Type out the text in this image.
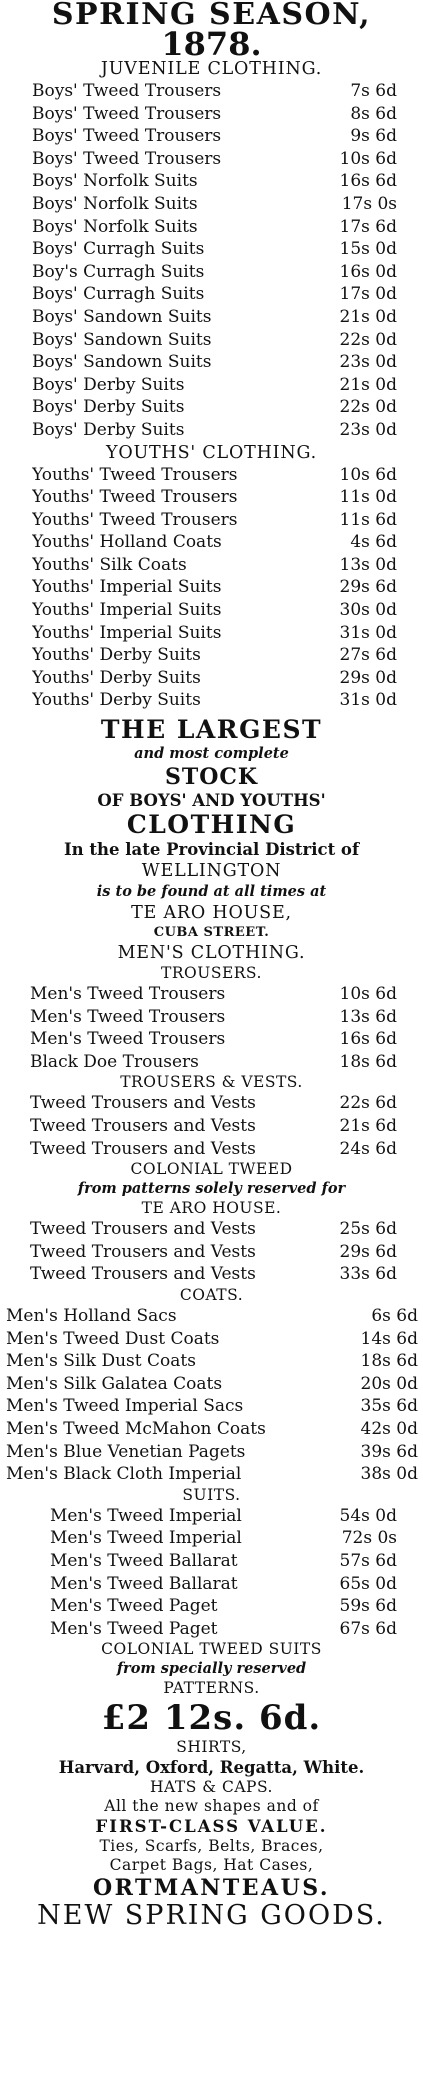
SPRING SEASON,
1878.
JUVENILE CLOTHING.
Boys' Tweed Trousers	7s 6d
Boys' Tweed Trousers	8s 6d
Boys' Tweed Trousers	9s 6d
Boys' Tweed Trousers	10s 6d
Boys' Norfolk Suits	16s 6d
Boys' Norfolk Suits	17s 0s
Boys' Norfolk Suits	17s 6d
Boys' Curragh Suits	15s 0d
Boy's Curragh Suits	16s 0d
Boys' Curragh Suits	17s 0d
Boys' Sandown Suits	21s 0d
Boys' Sandown Suits	22s 0d
Boys' Sandown Suits	23s 0d
Boys' Derby Suits	21s 0d
Boys' Derby Suits	22s 0d
Boys' Derby Suits	23s 0d
YOUTHS' CLOTHING.
Youths' Tweed Trousers	10s 6d
Youths' Tweed Trousers	11s 0d
Youths' Tweed Trousers	11s 6d
Youths' Holland Coats	4s 6d
Youths' Silk Coats	13s 0d
Youths' Imperial Suits	29s 6d
Youths' Imperial Suits	30s 0d
Youths' Imperial Suits	31s 0d
Youths' Derby Suits	27s 6d
Youths' Derby Suits	29s 0d
Youths' Derby Suits	31s 0d
THE LARGEST
and most complete
STOCK
OF BOYS' AND YOUTHS'
CLOTHING
In the late Provincial District of
WELLINGTON
is to be found at all times at
TE ARO HOUSE,
CUBA STREET.
MEN'S CLOTHING.
TROUSERS.
Men's Tweed Trousers	10s 6d
Men's Tweed Trousers	13s 6d
Men's Tweed Trousers	16s 6d
Black Doe Trousers	18s 6d
TROUSERS & VESTS.
Tweed Trousers and Vests	22s 6d
Tweed Trousers and Vests	21s 6d
Tweed Trousers and Vests	24s 6d
COLONIAL TWEED
from patterns solely reserved for
TE ARO HOUSE.
Tweed Trousers and Vests	25s 6d
Tweed Trousers and Vests	29s 6d
Tweed Trousers and Vests	33s 6d
COATS.
Men's Holland Sacs	6s 6d
Men's Tweed Dust Coats	14s 6d
Men's Silk Dust Coats	18s 6d
Men's Silk Galatea Coats	20s 0d
Men's Tweed Imperial Sacs	35s 6d
Men's Tweed McMahon Coats	42s 0d
Men's Blue Venetian Pagets	39s 6d
Men's Black Cloth Imperial	38s 0d
SUITS.
Men's Tweed Imperial	54s 0d
Men's Tweed Imperial	72s 0s
Men's Tweed Ballarat	57s 6d
Men's Tweed Ballarat	65s 0d
Men's Tweed Paget	59s 6d
Men's Tweed Paget	67s 6d
COLONIAL TWEED SUITS
from specially reserved
PATTERNS.
£2 12s. 6d.
SHIRTS,
Harvard, Oxford, Regatta, White.
HATS & CAPS.
All the new shapes and of
FIRST-CLASS VALUE.
Ties, Scarfs, Belts, Braces,
Carpet Bags, Hat Cases,
ORTMANTEAUS.
NEW SPRING GOODS.
